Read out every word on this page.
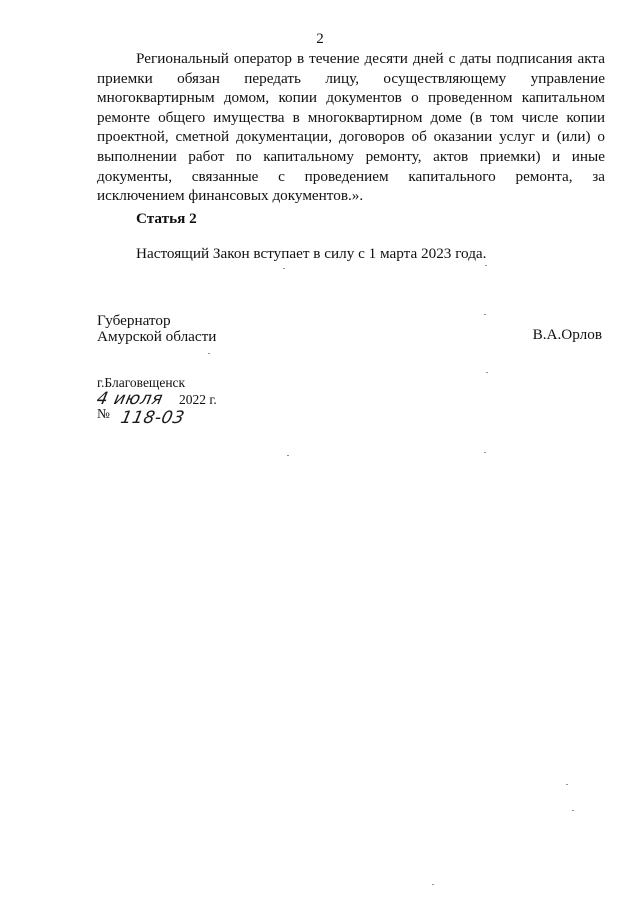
2
Региональный оператор в течение десяти дней с даты подписания акта
приемки обязан передать лицу, осуществляющему управление
многоквартирным домом, копии документов о проведенном капитальном
ремонте общего имущества в многоквартирном доме (в том числе копии
проектной, сметной документации, договоров об оказании услуг и (или) о
выполнении работ по капитальному ремонту, актов приемки) и иные
документы, связанные с проведением капитального ремонта, за
исключением финансовых документов.».
Статья 2
Настоящий Закон вступает в силу с 1 марта 2023 года.
Губернатор
Амурской области	В.А.Орлов
г.Благовещенск
4 июля 2022 г.
№ 118-03
